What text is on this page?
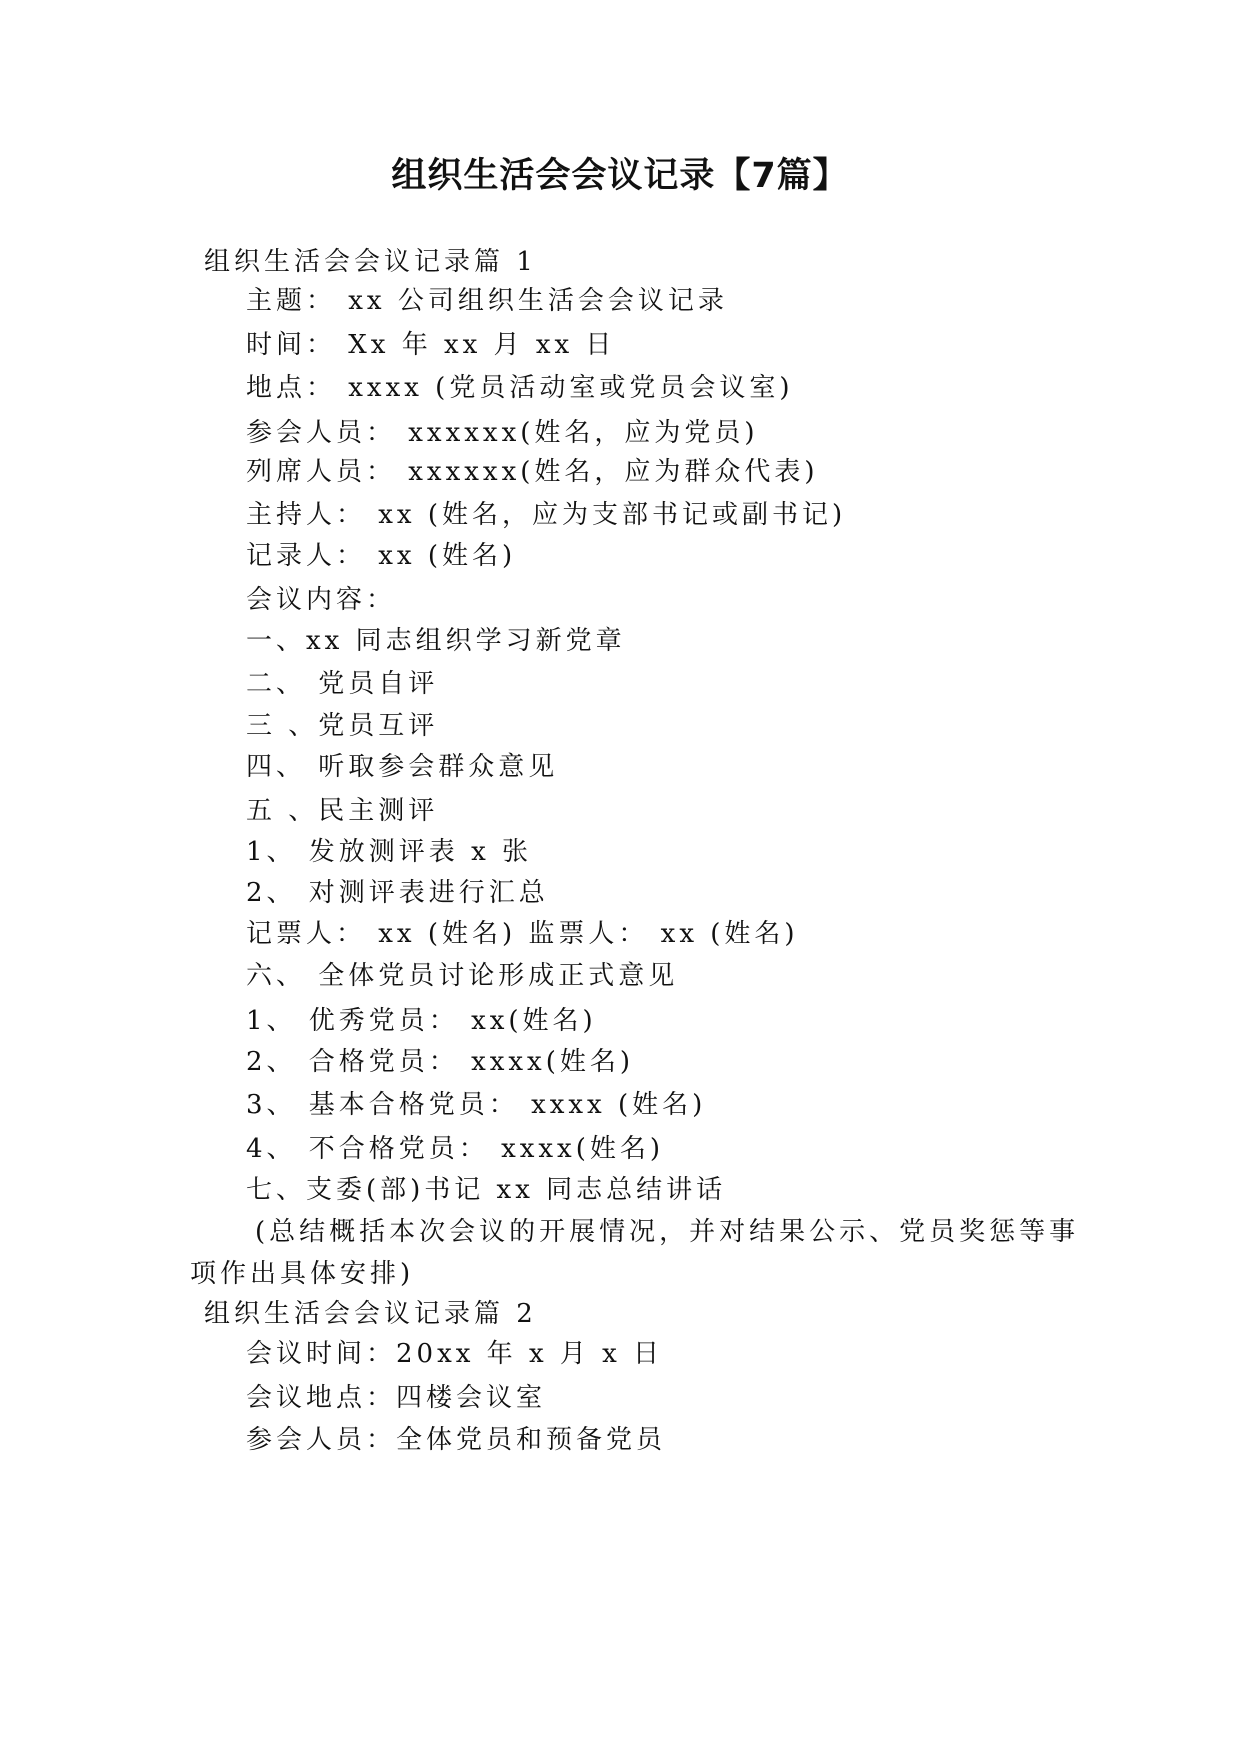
组织生活会会议记录【7篇】
组织生活会会议记录篇 1
主题： xx 公司组织生活会会议记录
时间： Xx 年 xx 月 xx 日
地点： xxxx (党员活动室或党员会议室)
参会人员： xxxxxx(姓名，应为党员)
列席人员： xxxxxx(姓名，应为群众代表)
主持人： xx (姓名，应为支部书记或副书记)
记录人： xx (姓名)
会议内容：
一、xx 同志组织学习新党章
二、 党员自评
三 、党员互评
四、 听取参会群众意见
五 、民主测评
1、 发放测评表 x 张
2、 对测评表进行汇总
记票人： xx (姓名) 监票人： xx (姓名)
六、 全体党员讨论形成正式意见
1、 优秀党员： xx(姓名)
2、 合格党员： xxxx(姓名)
3、 基本合格党员： xxxx (姓名)
4、 不合格党员： xxxx(姓名)
七、支委(部)书记 xx 同志总结讲话
(总结概括本次会议的开展情况，并对结果公示、党员奖惩等事
项作出具体安排)
组织生活会会议记录篇 2
会议时间：20xx 年 x 月 x 日
会议地点：四楼会议室
参会人员：全体党员和预备党员
